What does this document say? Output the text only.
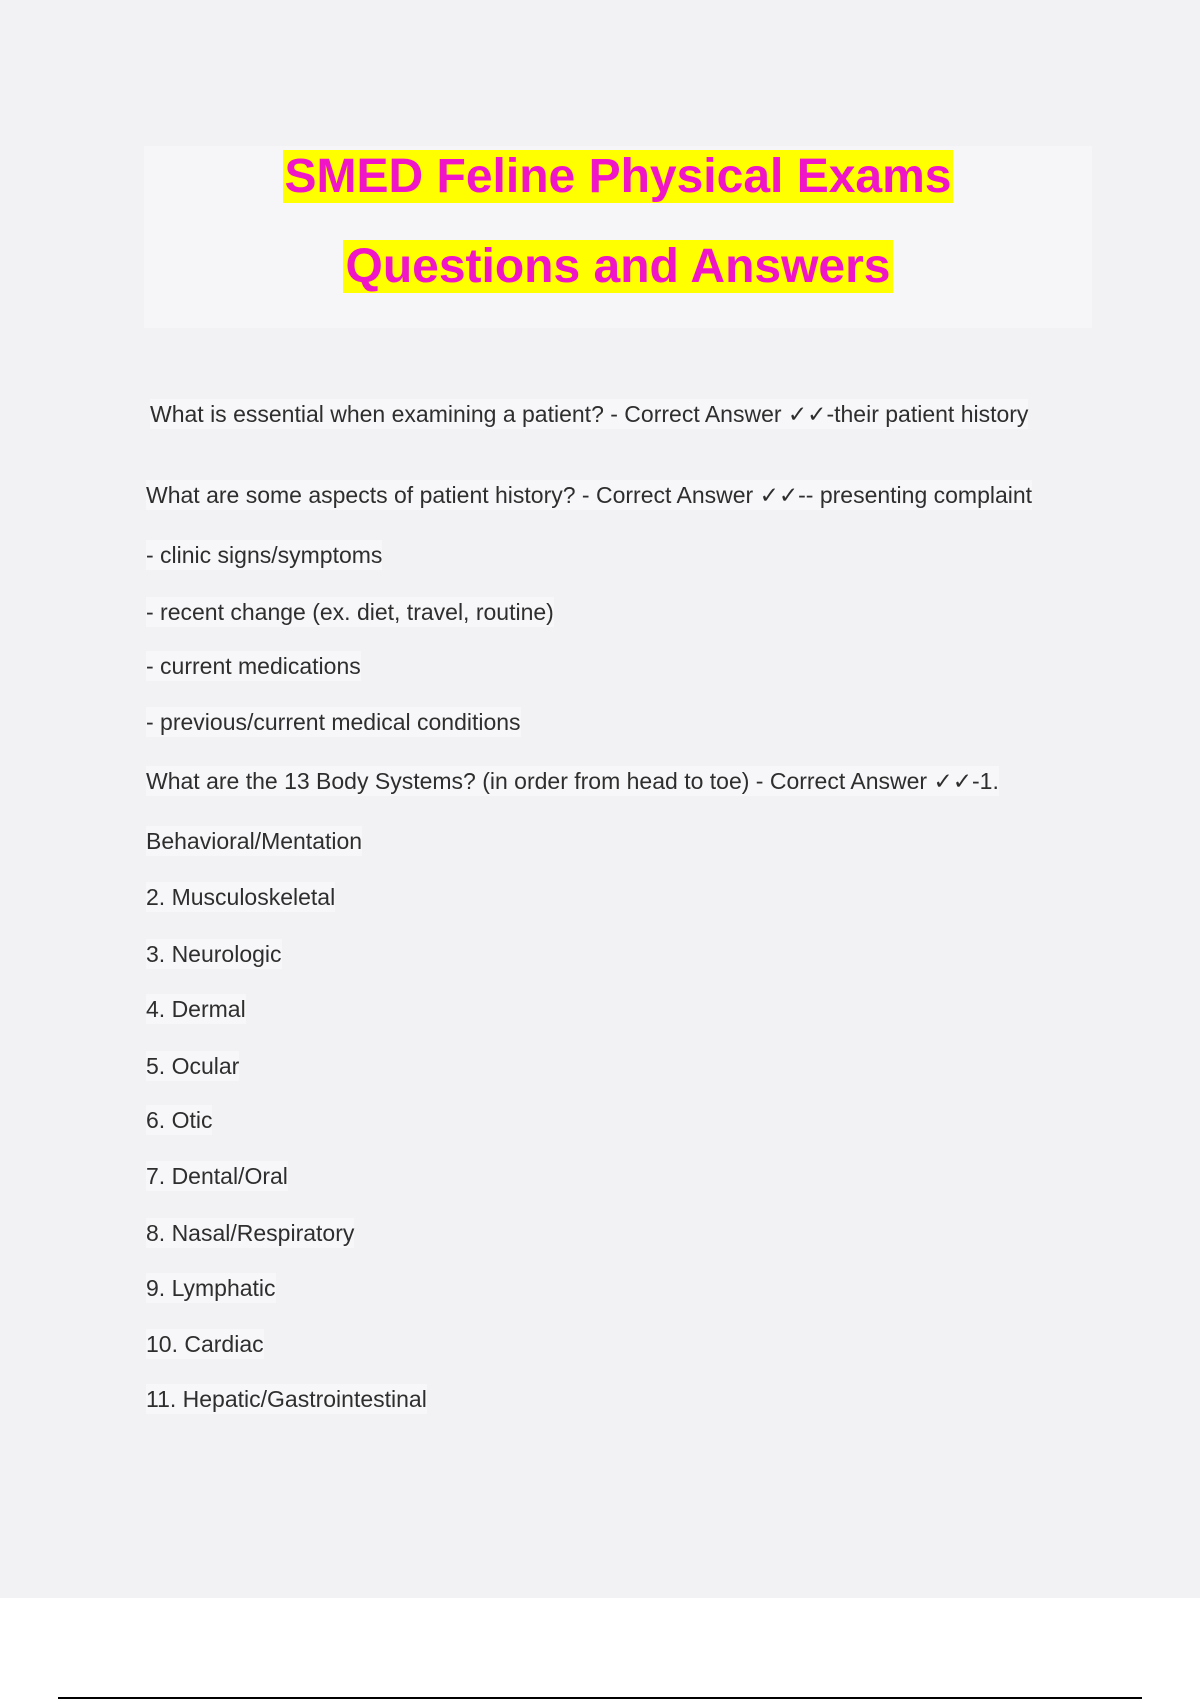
SMED Feline Physical Exams
Questions and Answers
What is essential when examining a patient? - Correct Answer ✓✓-their patient history
What are some aspects of patient history? - Correct Answer ✓✓-- presenting complaint
- clinic signs/symptoms
- recent change (ex. diet, travel, routine)
- current medications
- previous/current medical conditions
What are the 13 Body Systems? (in order from head to toe) - Correct Answer ✓✓-1.
Behavioral/Mentation
2. Musculoskeletal
3. Neurologic
4. Dermal
5. Ocular
6. Otic
7. Dental/Oral
8. Nasal/Respiratory
9. Lymphatic
10. Cardiac
11. Hepatic/Gastrointestinal
